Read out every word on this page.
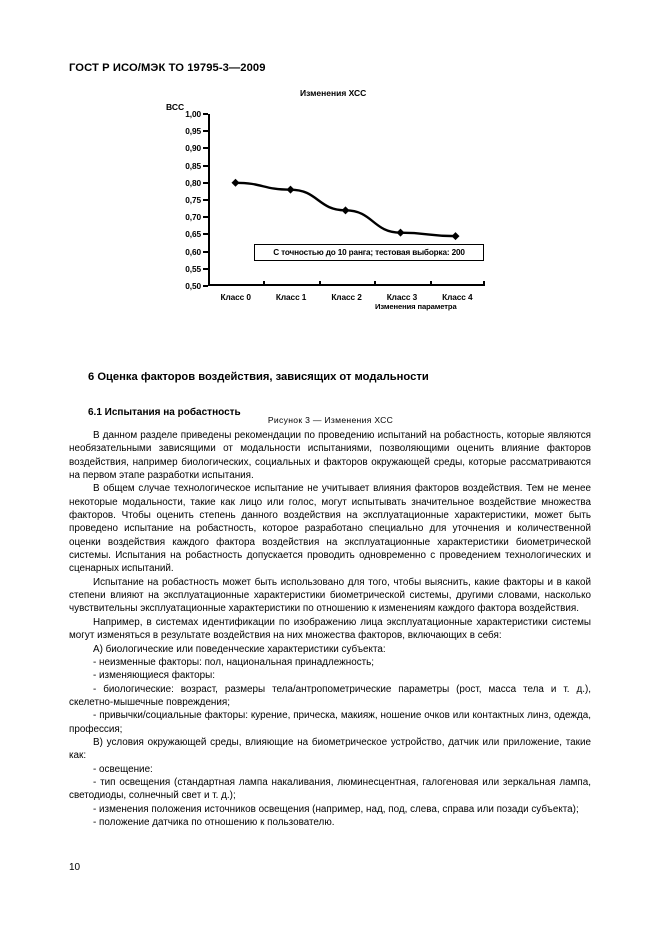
ГОСТ Р ИСО/МЭК ТО 19795-3—2009
Изменения ХСС
ВСС
1,00
0,95
0,90
0,85
0,80
0,75
0,70
0,65
0,60
0,55
0,50
С точностью до 10 ранга; тестовая выборка: 200
Класс 0	Класс 1	Класс 2	Класс 3	Класс 4
Изменения параметра
Рисунок 3 — Изменения ХСС
6 Оценка факторов воздействия, зависящих от модальности
6.1 Испытания на робастность

В данном разделе приведены рекомендации по проведению испытаний на робастность, которые являются необязательными зависящими от модальности испытаниями, позволяющими оценить влияние факторов воздействия, например биологических, социальных и факторов окружающей среды, которые рассматриваются на первом этапе разработки испытания.

В общем случае технологическое испытание не учитывает влияния факторов воздействия. Тем не менее некоторые модальности, такие как лицо или голос, могут испытывать значительное воздействие множества факторов. Чтобы оценить степень данного воздействия на эксплуатационные характеристики, может быть проведено испытание на робастность, которое разработано специально для уточнения и количественной оценки воздействия каждого фактора воздействия на эксплуатационные характеристики биометрической системы. Испытания на робастность допускается проводить одновременно с проведением технологических и сценарных испытаний.

Испытание на робастность может быть использовано для того, чтобы выяснить, какие факторы и в какой степени влияют на эксплуатационные характеристики биометрической системы, другими словами, насколько чувствительны эксплуатационные характеристики по отношению к изменениям каждого фактора воздействия.

Например, в системах идентификации по изображению лица эксплуатационные характеристики системы могут изменяться в результате воздействия на них множества факторов, включающих в себя:

А) биологические или поведенческие характеристики субъекта:

- неизменные факторы: пол, национальная принадлежность;

- изменяющиеся факторы:

- биологические: возраст, размеры тела/антропометрические параметры (рост, масса тела и т. д.), скелетно-мышечные повреждения;

- привычки/социальные факторы: курение, прическа, макияж, ношение очков или контактных линз, одежда, профессия;

В) условия окружающей среды, влияющие на биометрическое устройство, датчик или приложение, такие как:

- освещение:

- тип освещения (стандартная лампа накаливания, люминесцентная, галогеновая или зеркальная лампа, светодиоды, солнечный свет и т. д.);

- изменения положения источников освещения (например, над, под, слева, справа или позади субъекта);

- положение датчика по отношению к пользователю.

10
